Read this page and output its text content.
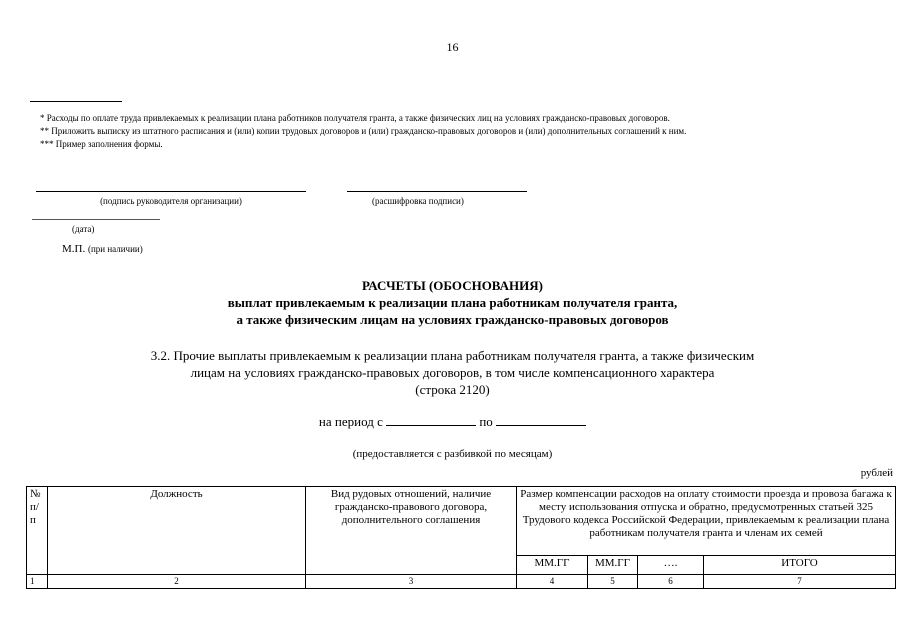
16
* Расходы по оплате труда привлекаемых к реализации плана работников получателя гранта, а также физических лиц на условиях гражданско-правовых договоров.
** Приложить выписку из штатного расписания и (или) копии трудовых договоров и (или) гражданско-правовых договоров и (или) дополнительных соглашений к ним.
*** Пример заполнения формы.
(подпись руководителя организации)	(расшифровка подписи)
(дата)
М.П. (при наличии)
РАСЧЕТЫ (ОБОСНОВАНИЯ)
выплат привлекаемым к реализации плана работникам получателя гранта,
а также физическим лицам на условиях гражданско-правовых договоров
3.2. Прочие выплаты привлекаемым к реализации плана работникам получателя гранта, а также физическим
лицам на условиях гражданско-правовых договоров, в том числе компенсационного характера
(строка 2120)
на период с	по
(предоставляется с разбивкой по месяцам)
рублей
№ п/п	Должность	Вид рудовых отношений, наличие гражданско-правового договора, дополнительного соглашения	Размер компенсации расходов на оплату стоимости проезда и провоза багажа к месту использования отпуска и обратно, предусмотренных статьей 325 Трудового кодекса Российской Федерации, привлекаемым к реализации плана работникам получателя гранта и членам их семей			
			ММ.ГГ	ММ.ГГ	….	ИТОГО
1	2	3	4	5	6	7
